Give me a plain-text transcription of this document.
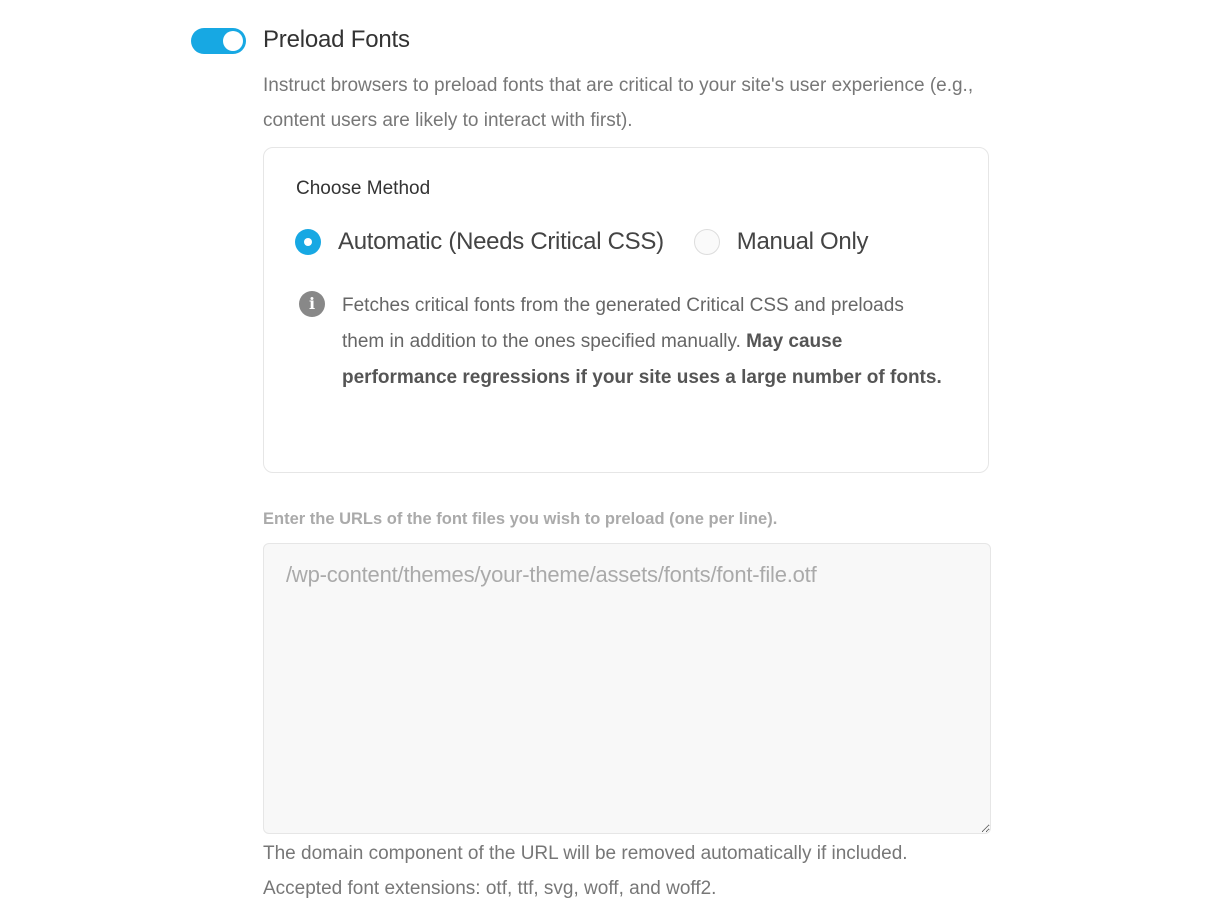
Preload Fonts
Instruct browsers to preload fonts that are critical to your site's user experience (e.g., content users are likely to interact with first).
Choose Method
Automatic (Needs Critical CSS)	Manual Only
i	Fetches critical fonts from the generated Critical CSS and preloads them in addition to the ones specified manually. May cause performance regressions if your site uses a large number of fonts.
Enter the URLs of the font files you wish to preload (one per line).
/wp-content/themes/your-theme/assets/fonts/font-file.otf
The domain component of the URL will be removed automatically if included.
Accepted font extensions: otf, ttf, svg, woff, and woff2.
